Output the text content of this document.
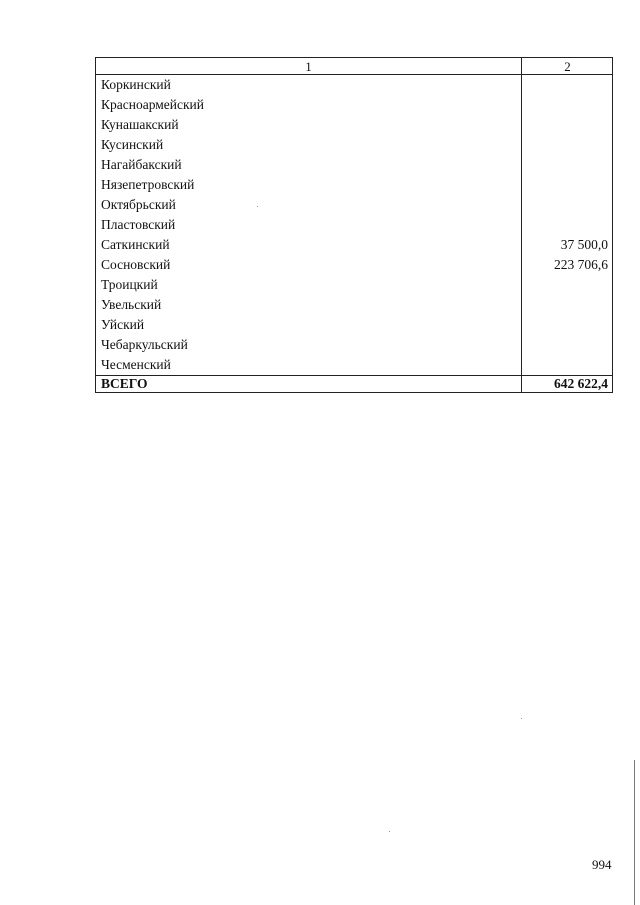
1	2
Коркинский	
Красноармейский	
Кунашакский	
Кусинский	
Нагайбакский	
Нязепетровский	
Октябрьский	
Пластовский	
Саткинский	37 500,0
Сосновский	223 706,6
Троицкий	
Увельский	
Уйский	
Чебаркульский	
Чесменский	
ВСЕГО	642 622,4
994
